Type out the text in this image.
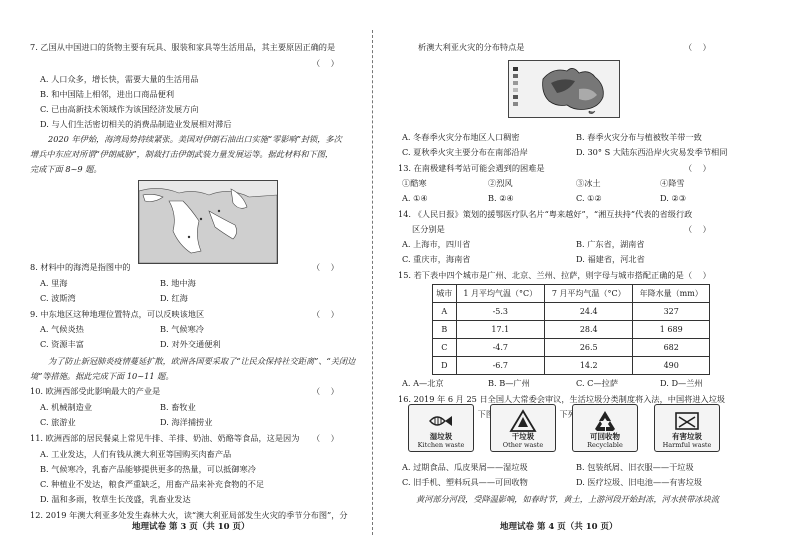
7. 乙国从中国进口的货物主要有玩具、服装和家具等生活用品，其主要原因正确的是
（    ）
A. 人口众多，增长快，需要大量的生活用品
B. 和中国陆上相邻，进出口商品便利
C. 已由高新技术领域作为该国经济发展方向
D. 与人们生活密切相关的消费品制造业发展相对滞后
2020 年伊始，海湾局势持续紧张。美国对伊朗石油出口实施“零影响”封锁，多次
增兵中东应对所谓“伊朗威胁”，制裁打击伊朗武装力量发展运等。据此材料和下图，
完成下面 8~9 题。
8. 材料中的海湾是指图中的	（    ）
A. 里海	B. 地中海
C. 波斯湾	D. 红海
9. 中东地区这种地理位置特点，可以反映该地区	（    ）
A. 气候炎热	B. 气候寒冷
C. 资源丰富	D. 对外交通便利
为了防止新冠肺炎疫情蔓延扩散，欧洲各国要采取了“让民众保持社交距离”、“关闭边境”等措施。据此完成下面 10~11 题。
10. 欧洲西部受此影响最大的产业是	（    ）
A. 机械制造业	B. 畜牧业
C. 旅游业	D. 海洋捕捞业
11. 欧洲西部的居民餐桌上常见牛排、羊排、奶油、奶酪等食品，这是因为 （    ）
A. 工业发达，人们有钱从澳大利亚等国购买肉畜产品
B. 气候寒冷，乳畜产品能够提供更多的热量，可以抵御寒冷
C. 种植业不发达，粮食严重缺乏，用畜产品来补充食物的不足
D. 温和多雨，牧草生长茂盛，乳畜业发达
12. 2019 年澳大利亚多处发生森林大火，读“澳大利亚局部发生火灾的季节分布图”，分
地理试卷 第 3 页（共 10 页）
析澳大利亚火灾的分布特点是	（    ）
A. 冬春季火灾分布地区人口稠密	B. 春季火灾分布与植被牧羊带一致
C. 夏秋季火灾主要分布在南部沿岸	D. 30° S 大陆东西沿岸火灾易发季节相同
13. 在南极建科考站可能会遇到的困难是	（    ）
①酷寒	②烈风	③冰土	④降雪
A. ①④	B. ②④	C. ①②	D. ②③
14. 《人民日报》策划的援鄂医疗队名片“粤来越好”，“湘互扶持”代表的省级行政
区分别是	（    ）
A. 上海市，四川省	B. 广东省，湖南省
C. 重庆市，海南省	D. 福建省，河北省
15. 若下表中四个城市是广州、北京、兰州、拉萨，则字母与城市搭配正确的是 （    ）
城市	1 月平均气温（°C）	7 月平均气温（°C）	年降水量（mm）
A	-5.3	24.4	327
B	17.1	28.4	1 689
C	-4.7	26.5	682
D	-6.7	14.2	490
A. A—北京	B. B—广州	C. C—拉萨	D. D—兰州
16. 2019 年 6 月 25 日全国人大常委会审议，生活垃圾分类制度将入法，中国将进入垃圾
湿垃圾
Kitchen waste
干垃圾
Other waste
可回收物
Recyclable
有害垃圾
Harmful waste
A. 过期食品、瓜皮果屑——湿垃圾	B. 包装纸屑、旧衣服——干垃圾
C. 旧手机、塑料玩具——可回收物	D. 医疗垃圾、旧电池——有害垃圾
黄河部分河段，受降温影响，如春时节，黄土，上游河段开始封冻，河水挟带冰块流
地理试卷 第 4 页（共 10 页）
